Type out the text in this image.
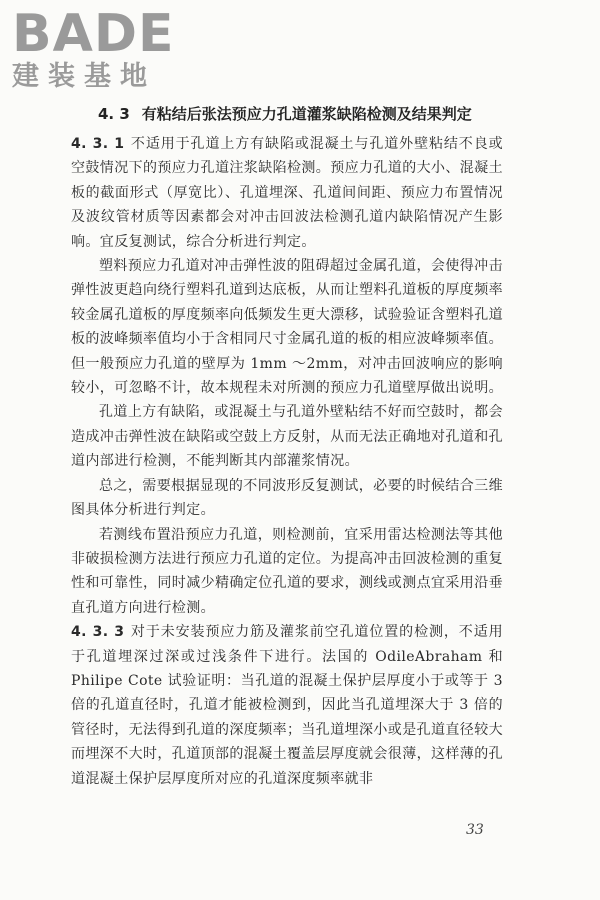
BADE
建装基地
4. 3 有粘结后张法预应力孔道灌浆缺陷检测及结果判定

4. 3. 1 不适用于孔道上方有缺陷或混凝土与孔道外壁粘结不良或空鼓情况下的预应力孔道注浆缺陷检测。预应力孔道的大小、混凝土板的截面形式（厚宽比）、孔道埋深、孔道间间距、预应力布置情况及波纹管材质等因素都会对冲击回波法检测孔道内缺陷情况产生影响。宜反复测试，综合分析进行判定。

塑料预应力孔道对冲击弹性波的阻碍超过金属孔道，会使得冲击弹性波更趋向绕行塑料孔道到达底板，从而让塑料孔道板的厚度频率较金属孔道板的厚度频率向低频发生更大漂移，试验验证含塑料孔道板的波峰频率值均小于含相同尺寸金属孔道的板的相应波峰频率值。但一般预应力孔道的壁厚为 1mm ～2mm，对冲击回波响应的影响较小，可忽略不计，故本规程未对所测的预应力孔道壁厚做出说明。

孔道上方有缺陷，或混凝土与孔道外壁粘结不好而空鼓时，都会造成冲击弹性波在缺陷或空鼓上方反射，从而无法正确地对孔道和孔道内部进行检测，不能判断其内部灌浆情况。

总之，需要根据显现的不同波形反复测试，必要的时候结合三维图具体分析进行判定。

若测线布置沿预应力孔道，则检测前，宜采用雷达检测法等其他非破损检测方法进行预应力孔道的定位。为提高冲击回波检测的重复性和可靠性，同时减少精确定位孔道的要求，测线或测点宜采用沿垂直孔道方向进行检测。

4. 3. 3 对于未安装预应力筋及灌浆前空孔道位置的检测，不适用于孔道埋深过深或过浅条件下进行。法国的 OdileAbraham 和 Philipe Cote 试验证明：当孔道的混凝土保护层厚度小于或等于 3 倍的孔道直径时，孔道才能被检测到，因此当孔道埋深大于 3 倍的管径时，无法得到孔道的深度频率；当孔道埋深小或是孔道直径较大而埋深不大时，孔道顶部的混凝土覆盖层厚度就会很薄，这样薄的孔道混凝土保护层厚度所对应的孔道深度频率就非

33
